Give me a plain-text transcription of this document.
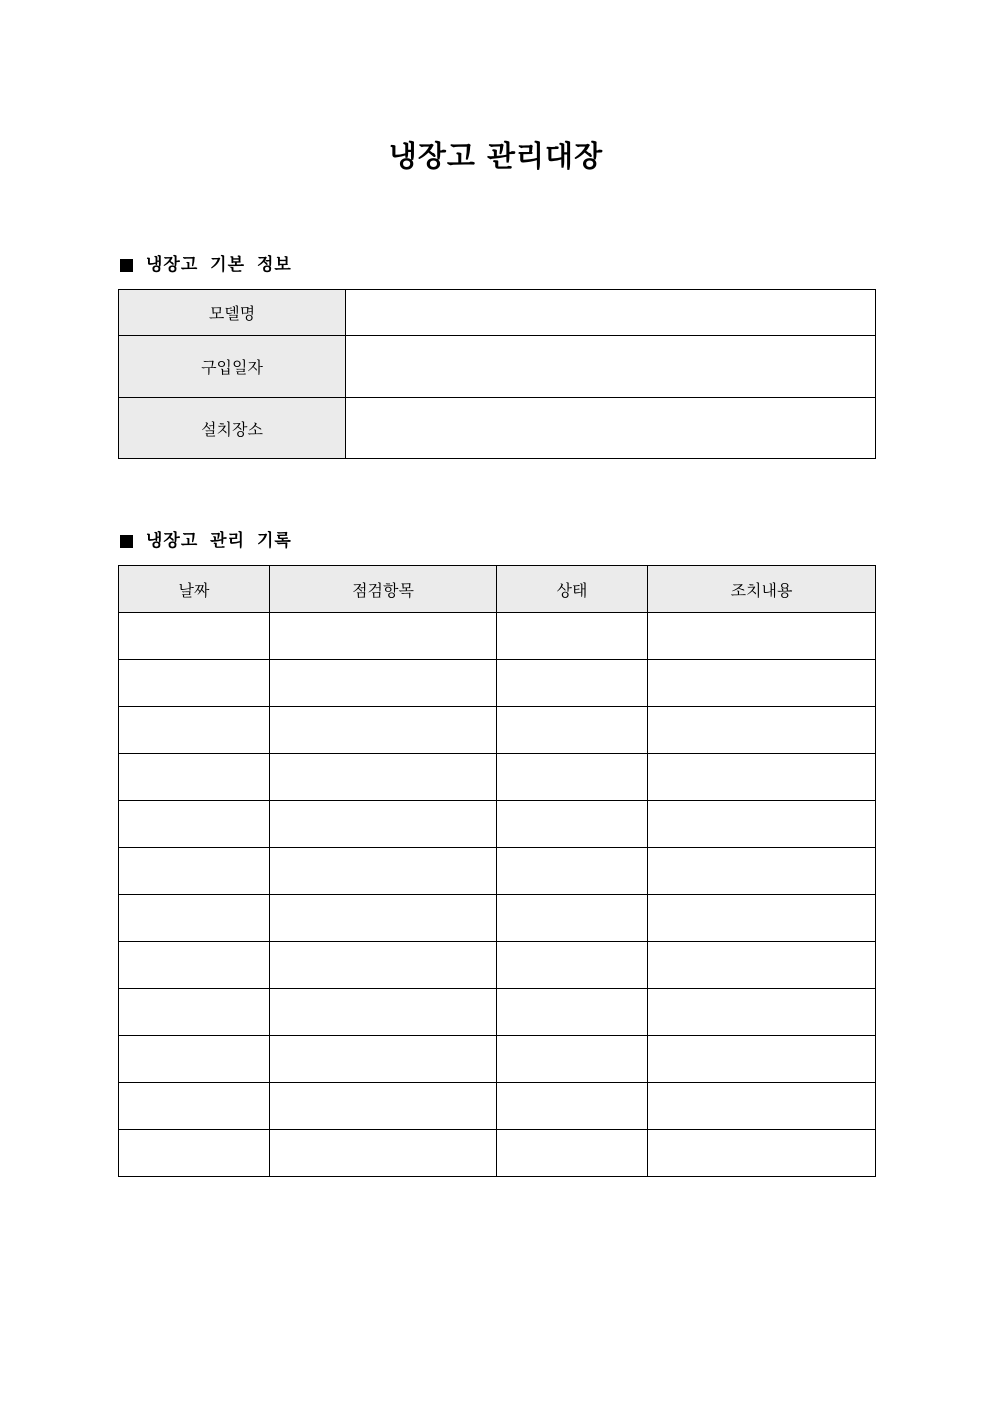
냉장고 관리대장
냉장고 기본 정보
모델명	
구입일자	
설치장소	
냉장고 관리 기록
날짜	점검항목	상태	조치내용
